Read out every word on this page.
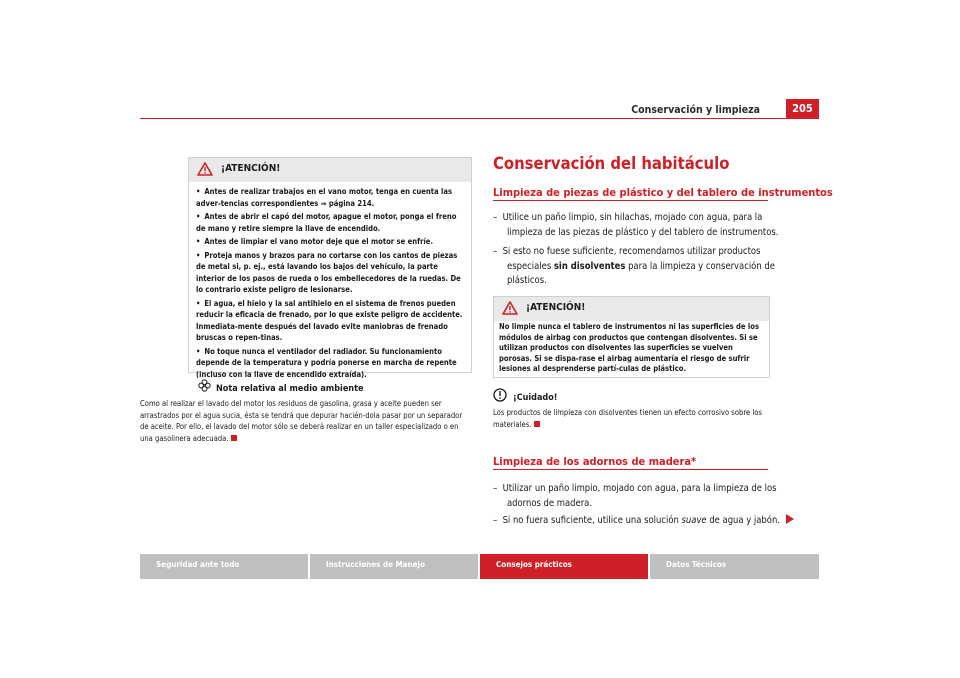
Conservación y limpieza	205
¡ATENCIÓN!
• Antes de realizar trabajos en el vano motor, tenga en cuenta las adver-tencias correspondientes ⇒ página 214.
• Antes de abrir el capó del motor, apague el motor, ponga el freno de mano y retire siempre la llave de encendido.
• Antes de limpiar el vano motor deje que el motor se enfríe.
• Proteja manos y brazos para no cortarse con los cantos de piezas de metal si, p. ej., está lavando los bajos del vehículo, la parte interior de los pasos de rueda o los embellecedores de la ruedas. De lo contrario existe peligro de lesionarse.
• El agua, el hielo y la sal antihielo en el sistema de frenos pueden reducir la eficacia de frenado, por lo que existe peligro de accidente. Inmediata-mente después del lavado evite maniobras de frenado bruscas o repen-tinas.
• No toque nunca el ventilador del radiador. Su funcionamiento depende de la temperatura y podría ponerse en marcha de repente (incluso con la llave de encendido extraída).
Nota relativa al medio ambiente
Como al realizar el lavado del motor los residuos de gasolina, grasa y aceite pueden ser arrastrados por el agua sucia, ésta se tendrá que depurar hacién-dola pasar por un separador de aceite. Por ello, el lavado del motor sólo se deberá realizar en un taller especializado o en una gasolinera adecuada.
Conservación del habitáculo
Limpieza de piezas de plástico y del tablero de instrumentos
–  Utilice un paño limpio, sin hilachas, mojado con agua, para la limpieza de las piezas de plástico y del tablero de instrumentos.
–  Si esto no fuese suficiente, recomendamos utilizar productos especiales sin disolventes para la limpieza y conservación de plásticos.
¡ATENCIÓN!
No limpie nunca el tablero de instrumentos ni las superficies de los módulos de airbag con productos que contengan disolventes. Si se utilizan productos con disolventes las superficies se vuelven porosas. Si se dispa-rase el airbag aumentaría el riesgo de sufrir lesiones al desprenderse partí-culas de plástico.
¡Cuidado!
Los productos de limpieza con disolventes tienen un efecto corrosivo sobre los materiales.
Limpieza de los adornos de madera*
–  Utilizar un paño limpio, mojado con agua, para la limpieza de los adornos de madera.
–  Si no fuera suficiente, utilice una solución suave de agua y jabón.
Seguridad ante todo	Instrucciones de Manejo	Consejos prácticos	Datos Técnicos
